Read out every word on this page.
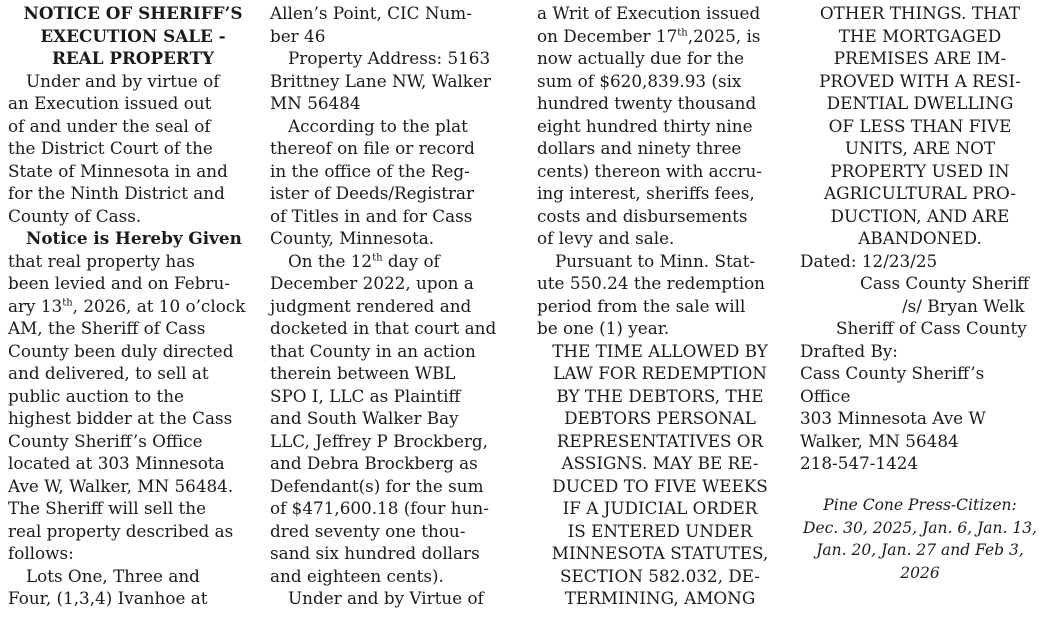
NOTICE OF SHERIFF’S
EXECUTION SALE -
REAL PROPERTY

Under and by virtue of
an Execution issued out
of and under the seal of
the District Court of the
State of Minnesota in and
for the Ninth District and
County of Cass.

Notice is Hereby Given
that real property has
been levied and on Febru-
ary 13th, 2026, at 10 o’clock
AM, the Sheriff of Cass
County been duly directed
and delivered, to sell at
public auction to the
highest bidder at the Cass
County Sheriff’s Office
located at 303 Minnesota
Ave W, Walker, MN 56484.
The Sheriff will sell the
real property described as
follows:

Lots One, Three and
Four, (1,3,4) Ivanhoe at

Allen’s Point, CIC Num-
ber 46

Property Address: 5163
Brittney Lane NW, Walker
MN 56484

According to the plat
thereof on file or record
in the office of the Reg-
ister of Deeds/Registrar
of Titles in and for Cass
County, Minnesota.

On the 12th day of
December 2022, upon a
judgment rendered and
docketed in that court and
that County in an action
therein between WBL
SPO I, LLC as Plaintiff
and South Walker Bay
LLC, Jeffrey P Brockberg,
and Debra Brockberg as
Defendant(s) for the sum
of $471,600.18 (four hun-
dred seventy one thou-
sand six hundred dollars
and eighteen cents).

Under and by Virtue of

a Writ of Execution issued
on December 17th,2025, is
now actually due for the
sum of $620,839.93 (six
hundred twenty thousand
eight hundred thirty nine
dollars and ninety three
cents) thereon with accru-
ing interest, sheriffs fees,
costs and disbursements
of levy and sale.

Pursuant to Minn. Stat-
ute 550.24 the redemption
period from the sale will
be one (1) year.

THE TIME ALLOWED BY
LAW FOR REDEMPTION
BY THE DEBTORS, THE
DEBTORS PERSONAL
REPRESENTATIVES OR
ASSIGNS. MAY BE RE-
DUCED TO FIVE WEEKS
IF A JUDICIAL ORDER
IS ENTERED UNDER
MINNESOTA STATUTES,
SECTION 582.032, DE-
TERMINING, AMONG

OTHER THINGS. THAT
THE MORTGAGED
PREMISES ARE IM-
PROVED WITH A RESI-
DENTIAL DWELLING
OF LESS THAN FIVE
UNITS, ARE NOT
PROPERTY USED IN
AGRICULTURAL PRO-
DUCTION, AND ARE
ABANDONED.

Dated: 12/23/25

Cass County Sheriff
/s/ Bryan Welk
Sheriff of Cass County

Drafted By:
Cass County Sheriff’s
Office
303 Minnesota Ave W
Walker, MN 56484
218-547-1424

Pine Cone Press-Citizen:
Dec. 30, 2025, Jan. 6, Jan. 13,
Jan. 20, Jan. 27 and Feb 3,
2026
